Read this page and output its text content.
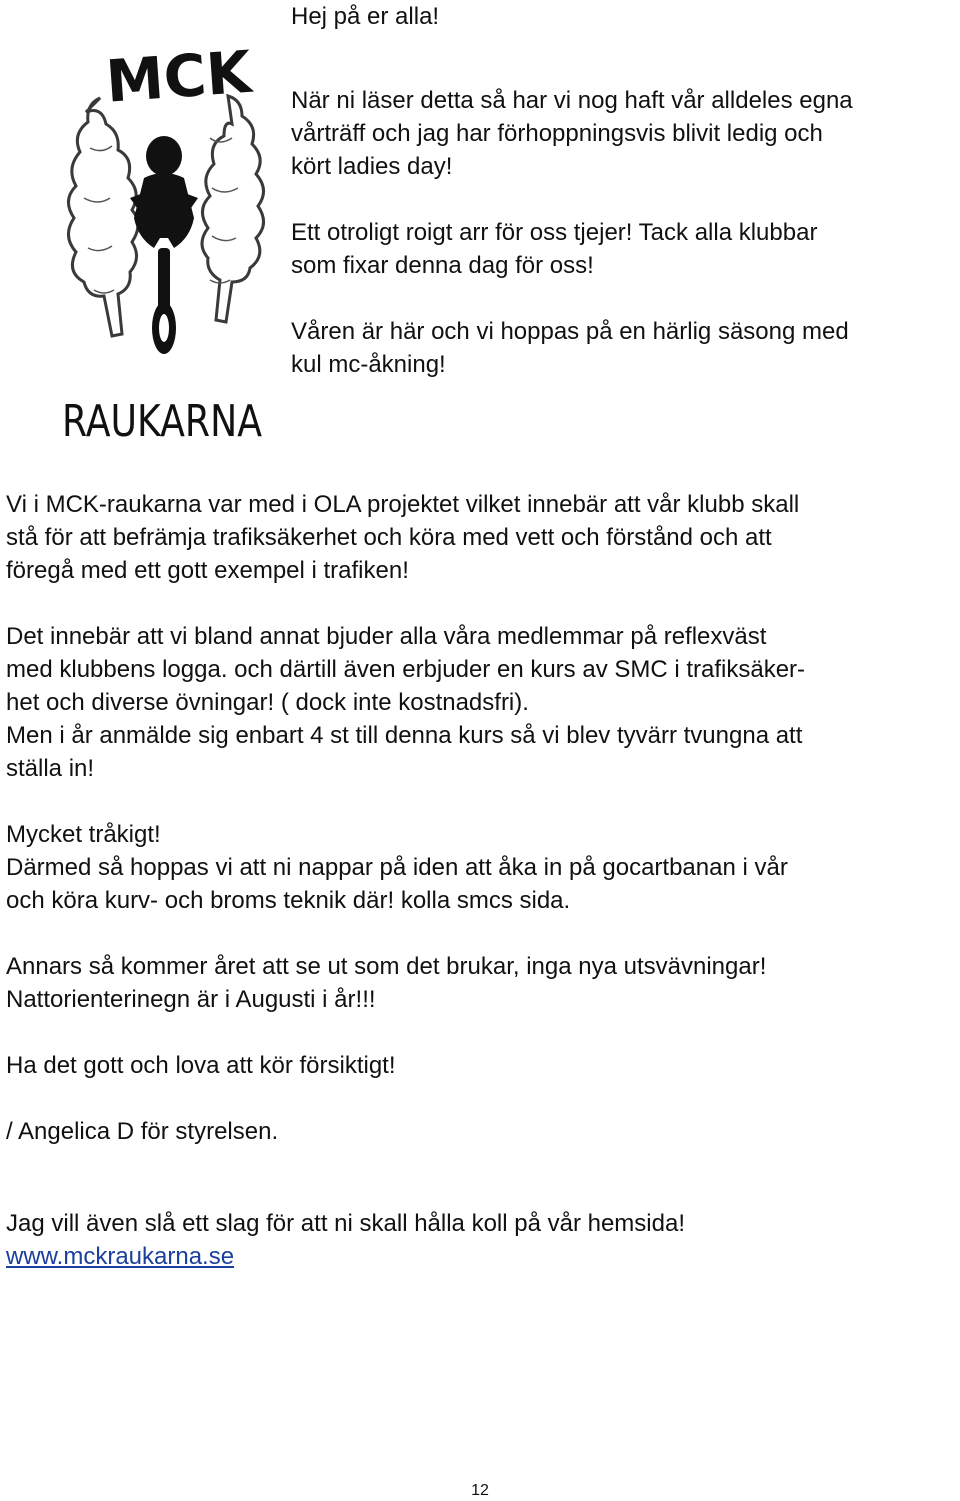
MCK
RAUKARNA

Hej på er alla!

När ni läser detta så har vi nog haft vår alldeles egna

vårträff och jag har förhoppningsvis blivit ledig och

kört ladies day!

Ett otroligt roigt arr för oss tjejer! Tack alla klubbar

som fixar denna dag för oss!

Våren är här och vi hoppas på en härlig säsong med

kul mc-åkning!

Vi i MCK-raukarna var med i OLA projektet vilket innebär att vår klubb skall

stå för att befrämja trafiksäkerhet och köra med vett och förstånd och att

föregå med ett gott exempel i trafiken!

Det innebär att vi bland annat bjuder alla våra medlemmar på reflexväst

med klubbens logga. och därtill även erbjuder en kurs av SMC i trafiksäker-

het och diverse övningar! ( dock inte kostnadsfri).

Men i år anmälde sig enbart 4 st till denna kurs så vi blev tyvärr tvungna att

ställa in!

Mycket tråkigt!

Därmed så hoppas vi att ni nappar på iden att åka in på gocartbanan i vår

och köra kurv- och broms teknik där! kolla smcs sida.

Annars så kommer året att se ut som det brukar, inga nya utsvävningar!

Nattorienterinegn är i Augusti i år!!!

Ha det gott och lova att kör försiktigt!

/ Angelica D för styrelsen.

Jag vill även slå ett slag för att ni skall hålla koll på vår hemsida!

www.mckraukarna.se

12
